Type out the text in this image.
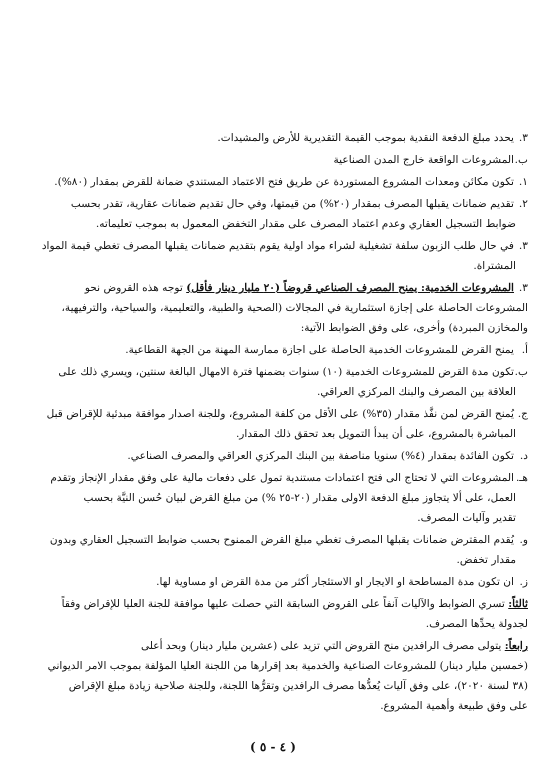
٣.يحدد مبلغ الدفعة النقدية بموجب القيمة التقديرية للأرض والمشيدات.
ب.المشروعات الواقعة خارج المدن الصناعية
١.تكون مكائن ومعدات المشروع المستوردة عن طريق فتح الاعتماد المستندي ضمانة للقرض بمقدار (٨٠%).
٢.تقديم ضمانات يقبلها المصرف بمقدار (٢٠%) من قيمتها، وفي حال تقديم ضمانات عقارية، تقدر بحسب
ضوابط التسجيل العقاري وعدم اعتماد المصرف على مقدار التخفض المعمول به بموجب تعليماته.
٣.في حال طلب الزبون سلفة تشغيلية لشراء مواد اولية يقوم بتقديم ضمانات يقبلها المصرف تغطي قيمة المواد
المشتراة.
٣.المشروعات الخدمية: يمنح المصرف الصناعي قروضاً (٢٠ مليار دينار فأقل) توجه هذه القروض نحو
المشروعات الحاصلة على إجازة استثمارية في المجالات (الصحية والطبية، والتعليمية، والسياحية، والترفيهية،
والمخازن المبردة) وأخرى، على وفق الضوابط الآتية:
أ.يمنح القرض للمشروعات الخدمية الحاصلة على اجازة ممارسة المهنة من الجهة القطاعية.
ب.تكون مدة القرض للمشروعات الخدمية (١٠) سنوات بضمنها فترة الامهال البالغة سنتين، ويسري ذلك على
العلاقة بين المصرف والبنك المركزي العراقي.
ج.يُمنح القرض لمن نفَّذ مقدار (٣٥%) على الأقل من كلفة المشروع، وللجنة اصدار موافقة مبدئية للإقراض قبل
المباشرة بالمشروع، على أن يبدأ التمويل بعد تحقق ذلك المقدار.
د.تكون الفائدة بمقدار (٤%) سنويا مناصفة بين البنك المركزي العراقي والمصرف الصناعي.
هـ.المشروعات التي لا تحتاج الى فتح اعتمادات مستندية تمول على دفعات مالية على وفق مقدار الإنجاز وتقدم
العمل، على ألا يتجاوز مبلغ الدفعة الاولى مقدار (٢٠-٢٥ %) من مبلغ القرض لبيان حُسن النيَّة بحسب
تقدير وآليات المصرف.
و.يُقدم المقترض ضمانات يقبلها المصرف تغطي مبلغ القرض الممنوح بحسب ضوابط التسجيل العقاري وبدون
مقدار تخفض.
ز.ان تكون مدة المساطحة او الايجار او الاستئجار أكثر من مدة القرض او مساوية لها.
ثالثاً: تسري الضوابط والآليات آنفاً على القروض السابقة التي حصلت عليها موافقة للجنة العليا للإقراض وفقاً
لجدولة يحدِّها المصرف.
رابعاً: يتولى مصرف الرافدين منح القروض التي تزيد على (عشرين مليار دينار) وبحد أعلى
(خمسين مليار دينار) للمشروعات الصناعية والخدمية بعد إقرارها من اللجنة العليا المؤلفة بموجب الامر الديواني
(٣٨ لسنة ٢٠٢٠)، على وفق آليات يُعدُّها مصرف الرافدين وتقرُّها اللجنة، وللجنة صلاحية زيادة مبلغ الإقراض
على وفق طبيعة وأهمية المشروع.
( ٤ - ٥ )
